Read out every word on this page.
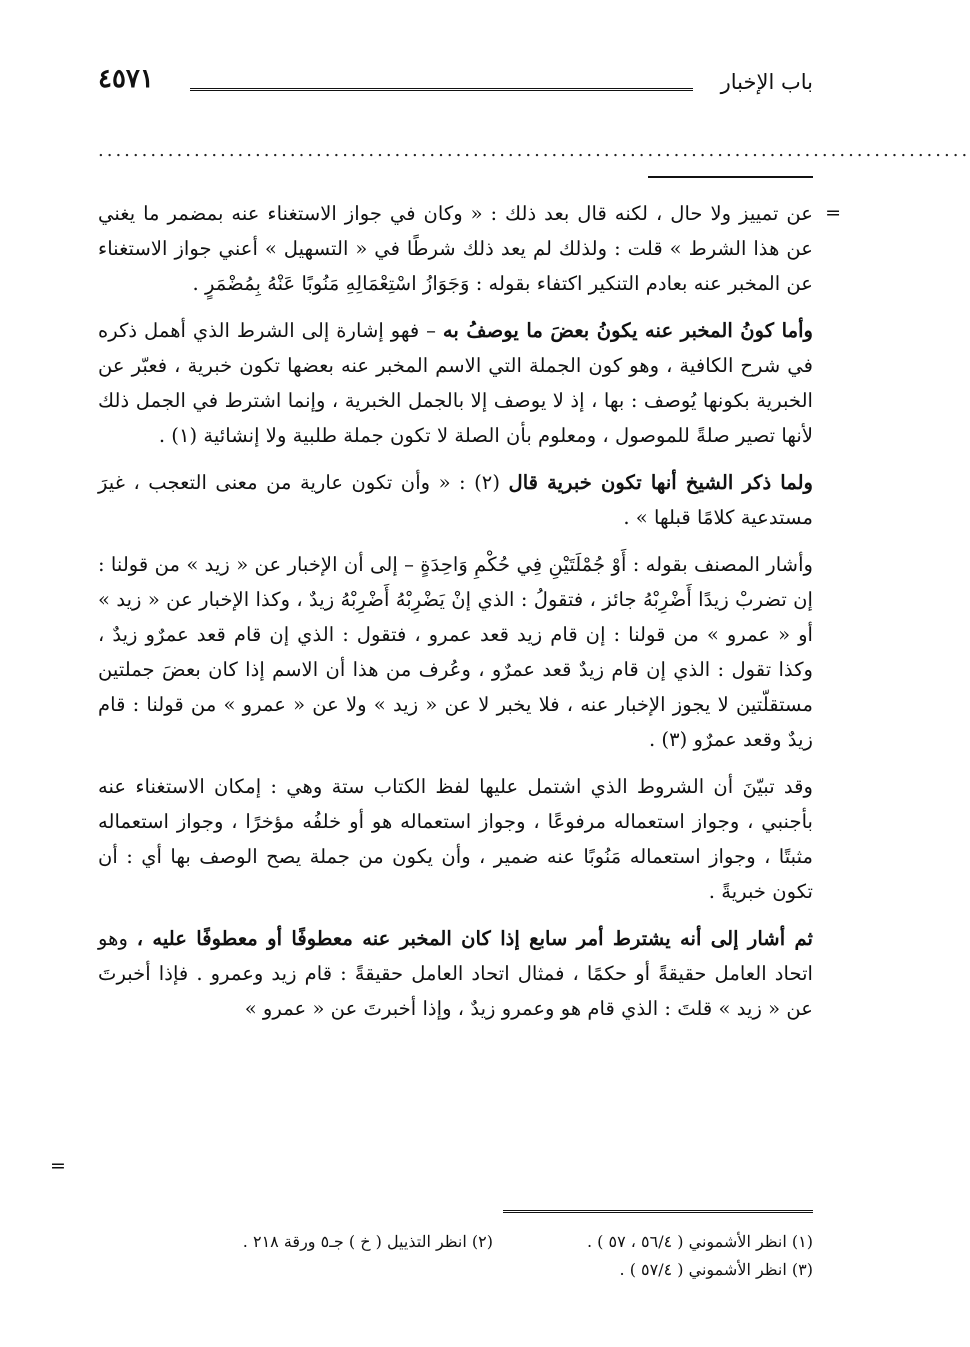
باب الإخبار
٤٥٧١
....................................................................................................
=

عن تمييز ولا حال ، لكنه قال بعد ذلك : « وكان في جواز الاستغناء عنه بمضمر ما يغني عن هذا الشرط » قلت : ولذلك لم يعد ذلك شرطًا في « التسهيل » أعني جواز الاستغناء عن المخبر عنه بعادم التنكير اكتفاء بقوله : وَجَوَازُ اسْتِعْمَالِهِ مَنُوبًا عَنْهُ بِمُضْمَرٍ .

وأما كونُ المخبر عنه يكونُ بعضَ ما يوصفُ به – فهو إشارة إلى الشرط الذي أهمل ذكره في شرح الكافية ، وهو كون الجملة التي الاسم المخبر عنه بعضها تكون خبرية ، فعبّر عن الخبرية بكونها يُوصف : بها ، إذ لا يوصف إلا بالجمل الخبرية ، وإنما اشترط في الجمل ذلك لأنها تصير صلةً للموصول ، ومعلوم بأن الصلة لا تكون جملة طلبية ولا إنشائية (١) .

ولما ذكر الشيخ أنها تكون خبرية قال (٢) : « وأن تكون عارية من معنى التعجب ، غيرَ مستدعية كلامًا قبلها » .

وأشار المصنف بقوله : أَوْ جُمْلَتَيْنِ فِي حُكْمِ وَاحِدَةٍ – إلى أن الإخبار عن « زيد » من قولنا : إن تضربْ زيدًا أَضْرِبْهُ جائز ، فتقولُ : الذي إنْ يَضْرِبْهُ أَضْرِبْهُ زيدٌ ، وكذا الإخبار عن « زيد » أو « عمرو » من قولنا : إن قام زيد قعد عمرو ، فتقول : الذي إن قام قعد عمرٌو زيدٌ ، وكذا تقول : الذي إن قام زيدٌ قعد عمرٌو ، وعُرف من هذا أن الاسم إذا كان بعضَ جملتين مستقلّتين لا يجوز الإخبار عنه ، فلا يخبر لا عن « زيد » ولا عن « عمرو » من قولنا : قام زيدٌ وقعد عمرٌو (٣) .

وقد تبيّنَ أن الشروط الذي اشتمل عليها لفظ الكتاب ستة وهي : إمكان الاستغناء عنه بأجنبي ، وجواز استعماله مرفوعًا ، وجواز استعماله هو أو خلفُه مؤخرًا ، وجواز استعماله مثبتًا ، وجواز استعماله مَنُوبًا عنه ضمير ، وأن يكون من جملة يصح الوصف بها أي : أن تكون خبريةً .

ثم أشار إلى أنه يشترط أمر سابع إذا كان المخبر عنه معطوفًا أو معطوفًا عليه ، وهو اتحاد العامل حقيقةً أو حكمًا ، فمثال اتحاد العامل حقيقةً : قام زيد وعمرو . فإذا أخبرتَ عن « زيد » قلتَ : الذي قام هو وعمرو زيدٌ ، وإذا أخبرتَ عن « عمرو »

=
(١) انظر الأشموني ( ٥٦/٤ ، ٥٧ ) .
(٢) انظر التذييل ( خ ) جـ٥ ورقة ٢١٨ .
(٣) انظر الأشموني ( ٥٧/٤ ) .
